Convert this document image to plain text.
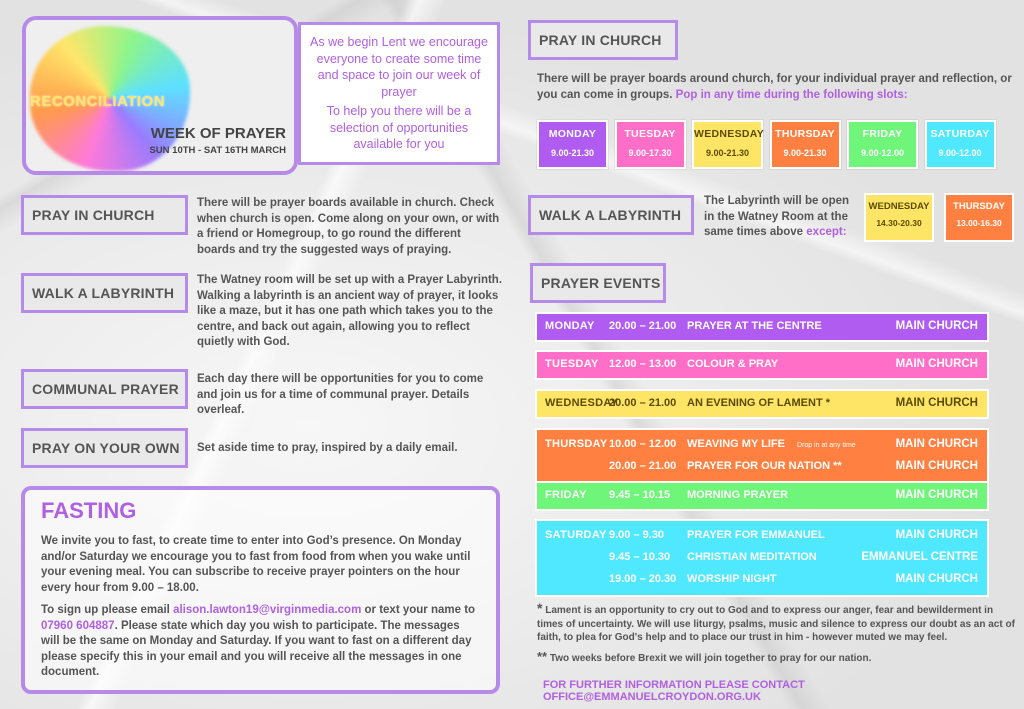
RECONCILIATION
WEEK OF PRAYER
SUN 10TH - SAT 16TH MARCH

As we begin Lent we encourage everyone to create some time and space to join our week of prayer

To help you there will be a selection of opportunities available for you

PRAY IN CHURCH
There will be prayer boards available in church. Check when church is open. Come along on your own, or with a friend or Homegroup, to go round the different boards and try the suggested ways of praying.
WALK A LABYRINTH
The Watney room will be set up with a Prayer Labyrinth. Walking a labyrinth is an ancient way of prayer, it looks like a maze, but it has one path which takes you to the centre, and back out again, allowing you to reflect quietly with God.
COMMUNAL PRAYER
Each day there will be opportunities for you to come and join us for a time of communal prayer. Details overleaf.
PRAY ON YOUR OWN	Set aside time to pray, inspired by a daily email.
FASTING

We invite you to fast, to create time to enter into God’s presence. On Monday and/or Saturday we encourage you to fast from food from when you wake until your evening meal. You can subscribe to receive prayer pointers on the hour every hour from 9.00 – 18.00.

To sign up please email alison.lawton19@virginmedia.com or text your name to 07960 604887. Please state which day you wish to participate. The messages will be the same on Monday and Saturday. If you want to fast on a different day please specify this in your email and you will receive all the messages in one document.

PRAY IN CHURCH
There will be prayer boards around church, for your individual prayer and reflection, or you can come in groups. Pop in any time during the following slots:
MONDAY
9.00-21.30
TUESDAY
9.00-17.30
WEDNESDAY
9.00-21.30
THURSDAY
9.00-21.30
FRIDAY
9.00-12.00
SATURDAY
9.00-12.00
WALK A LABYRINTH
The Labyrinth will be open in the Watney Room at the same times above except:
WEDNESDAY
14.30-20.30
THURSDAY
13.00-16.30
PRAYER EVENTS
MONDAY 20.00 – 21.00 PRAYER AT THE CENTRE	MAIN CHURCH
TUESDAY 12.00 – 13.00 COLOUR & PRAY	MAIN CHURCH
WEDNESDAY
20.00 – 21.00 AN EVENING OF LAMENT *	MAIN CHURCH
THURSDAY 10.00 – 12.00 WEAVING MY LIFE Drop in at any time	MAIN CHURCH
20.00 – 21.00 PRAYER FOR OUR NATION **	MAIN CHURCH
FRIDAY 9.45 – 10.15 MORNING PRAYER	MAIN CHURCH
SATURDAY 9.00 – 9.30 PRAYER FOR EMMANUEL	MAIN CHURCH
9.45 – 10.30 CHRISTIAN MEDITATION	EMMANUEL CENTRE
19.00 – 20.30 WORSHIP NIGHT	MAIN CHURCH
* Lament is an opportunity to cry out to God and to express our anger, fear and bewilderment in times of uncertainty. We will use liturgy, psalms, music and silence to express our doubt as an act of faith, to plea for God's help and to place our trust in him - however muted we may feel.
** Two weeks before Brexit we will join together to pray for our nation.
FOR FURTHER INFORMATION PLEASE CONTACT OFFICE@EMMANUELCROYDON.ORG.UK
